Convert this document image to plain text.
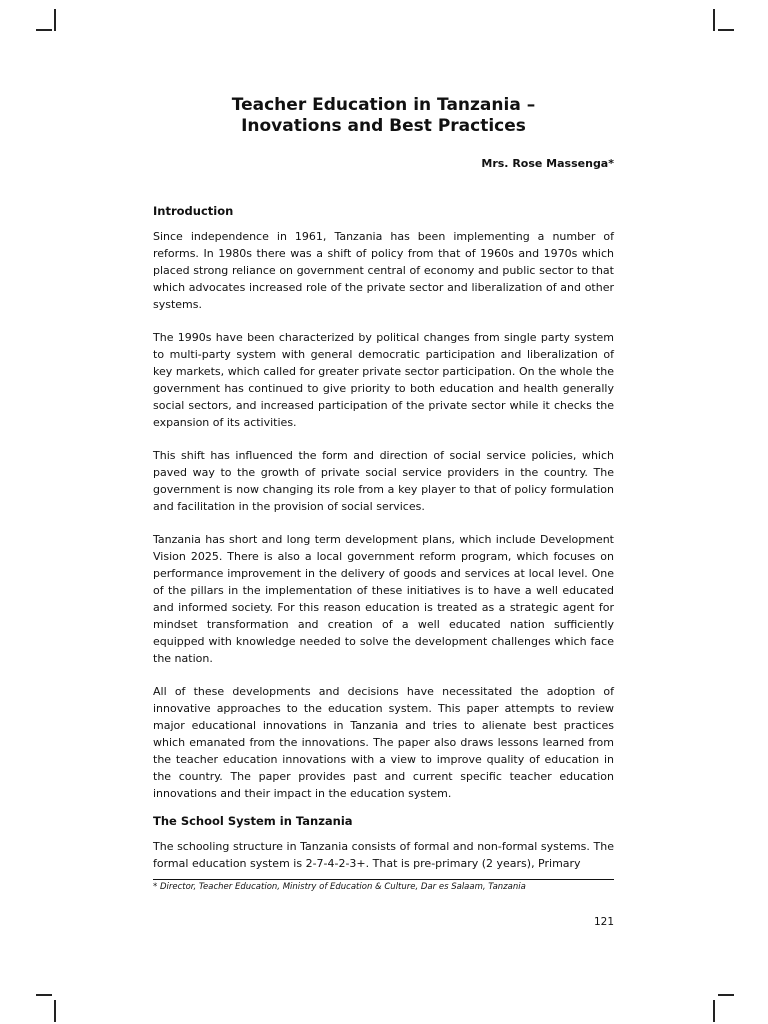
Teacher Education in Tanzania –
Inovations and Best Practices
Mrs. Rose Massenga*
Introduction

Since independence in 1961, Tanzania has been implementing a number of reforms. In 1980s there was a shift of policy from that of 1960s and 1970s which placed strong reliance on government central of economy and public sector to that which advocates increased role of the private sector and liberalization of and other systems.

The 1990s have been characterized by political changes from single party system to multi-party system with general democratic participation and liberalization of key markets, which called for greater private sector participation. On the whole the government has continued to give priority to both education and health generally social sectors, and increased participation of the private sector while it checks the expansion of its activities.

This shift has influenced the form and direction of social service policies, which paved way to the growth of private social service providers in the country. The government is now changing its role from a key player to that of policy formulation and facilitation in the provision of social services.

Tanzania has short and long term development plans, which include Development Vision 2025. There is also a local government reform program, which focuses on performance improvement in the delivery of goods and services at local level. One of the pillars in the implementation of these initiatives is to have a well educated and informed society. For this reason education is treated as a strategic agent for mindset transformation and creation of a well educated nation sufficiently equipped with knowledge needed to solve the development challenges which face the nation.

All of these developments and decisions have necessitated the adoption of innovative approaches to the education system. This paper attempts to review major educational innovations in Tanzania and tries to alienate best practices which emanated from the innovations. The paper also draws lessons learned from the teacher education innovations with a view to improve quality of education in the country. The paper provides past and current specific teacher education innovations and their impact in the education system.

The School System in Tanzania

The schooling structure in Tanzania consists of formal and non-formal systems. The formal education system is 2-7-4-2-3+. That is pre-primary (2 years), Primary

* Director, Teacher Education, Ministry of Education & Culture, Dar es Salaam, Tanzania
121
